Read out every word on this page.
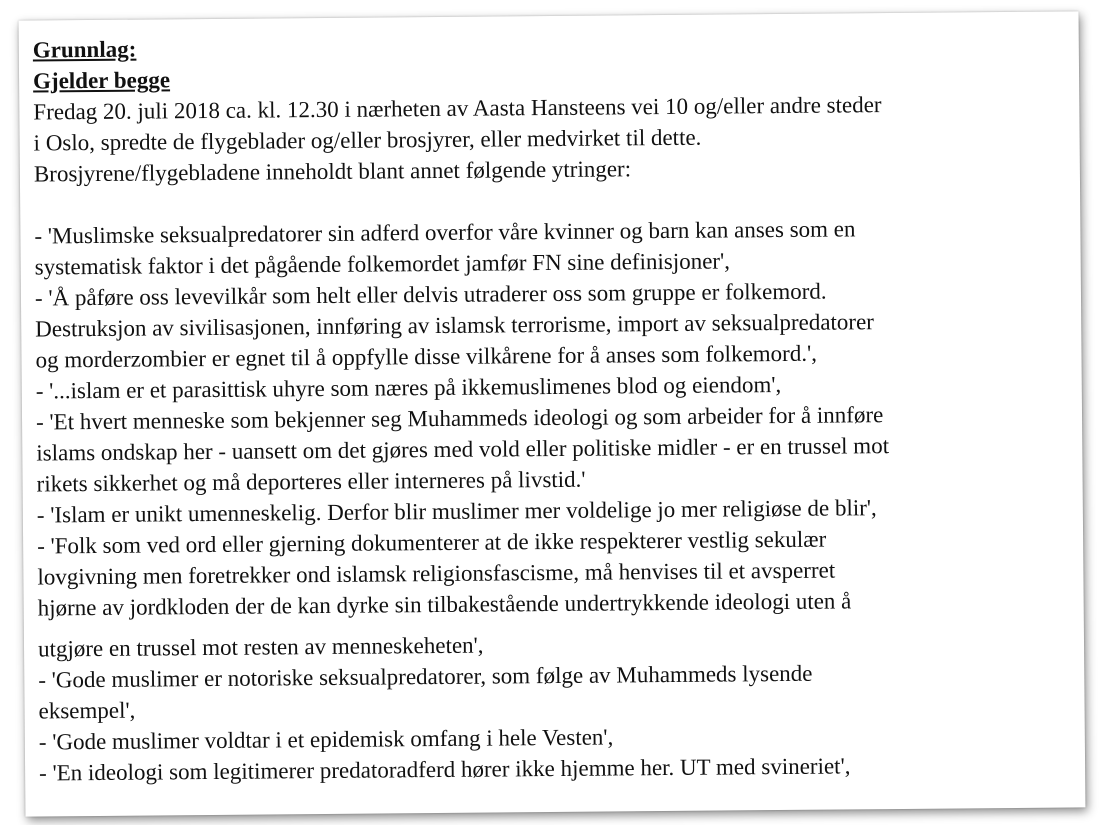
Grunnlag:

Gjelder begge

Fredag 20. juli 2018 ca. kl. 12.30 i nærheten av Aasta Hansteens vei 10 og/eller andre steder

i Oslo, spredte de flygeblader og/eller brosjyrer, eller medvirket til dette.

Brosjyrene/flygebladene inneholdt blant annet følgende ytringer:

- 'Muslimske seksualpredatorer sin adferd overfor våre kvinner og barn kan anses som en

systematisk faktor i det pågående folkemordet jamfør FN sine definisjoner',

- 'Å påføre oss levevilkår som helt eller delvis utraderer oss som gruppe er folkemord.

Destruksjon av sivilisasjonen, innføring av islamsk terrorisme, import av seksualpredatorer

og morderzombier er egnet til å oppfylle disse vilkårene for å anses som folkemord.',

- '...islam er et parasittisk uhyre som næres på ikkemuslimenes blod og eiendom',

- 'Et hvert menneske som bekjenner seg Muhammeds ideologi og som arbeider for å innføre

islams ondskap her - uansett om det gjøres med vold eller politiske midler - er en trussel mot

rikets sikkerhet og må deporteres eller interneres på livstid.'

- 'Islam er unikt umenneskelig. Derfor blir muslimer mer voldelige jo mer religiøse de blir',

- 'Folk som ved ord eller gjerning dokumenterer at de ikke respekterer vestlig sekulær

lovgivning men foretrekker ond islamsk religionsfascisme, må henvises til et avsperret

hjørne av jordkloden der de kan dyrke sin tilbakestående undertrykkende ideologi uten å

utgjøre en trussel mot resten av menneskeheten',

- 'Gode muslimer er notoriske seksualpredatorer, som følge av Muhammeds lysende

eksempel',

- 'Gode muslimer voldtar i et epidemisk omfang i hele Vesten',

- 'En ideologi som legitimerer predatoradferd hører ikke hjemme her. UT med svineriet',
